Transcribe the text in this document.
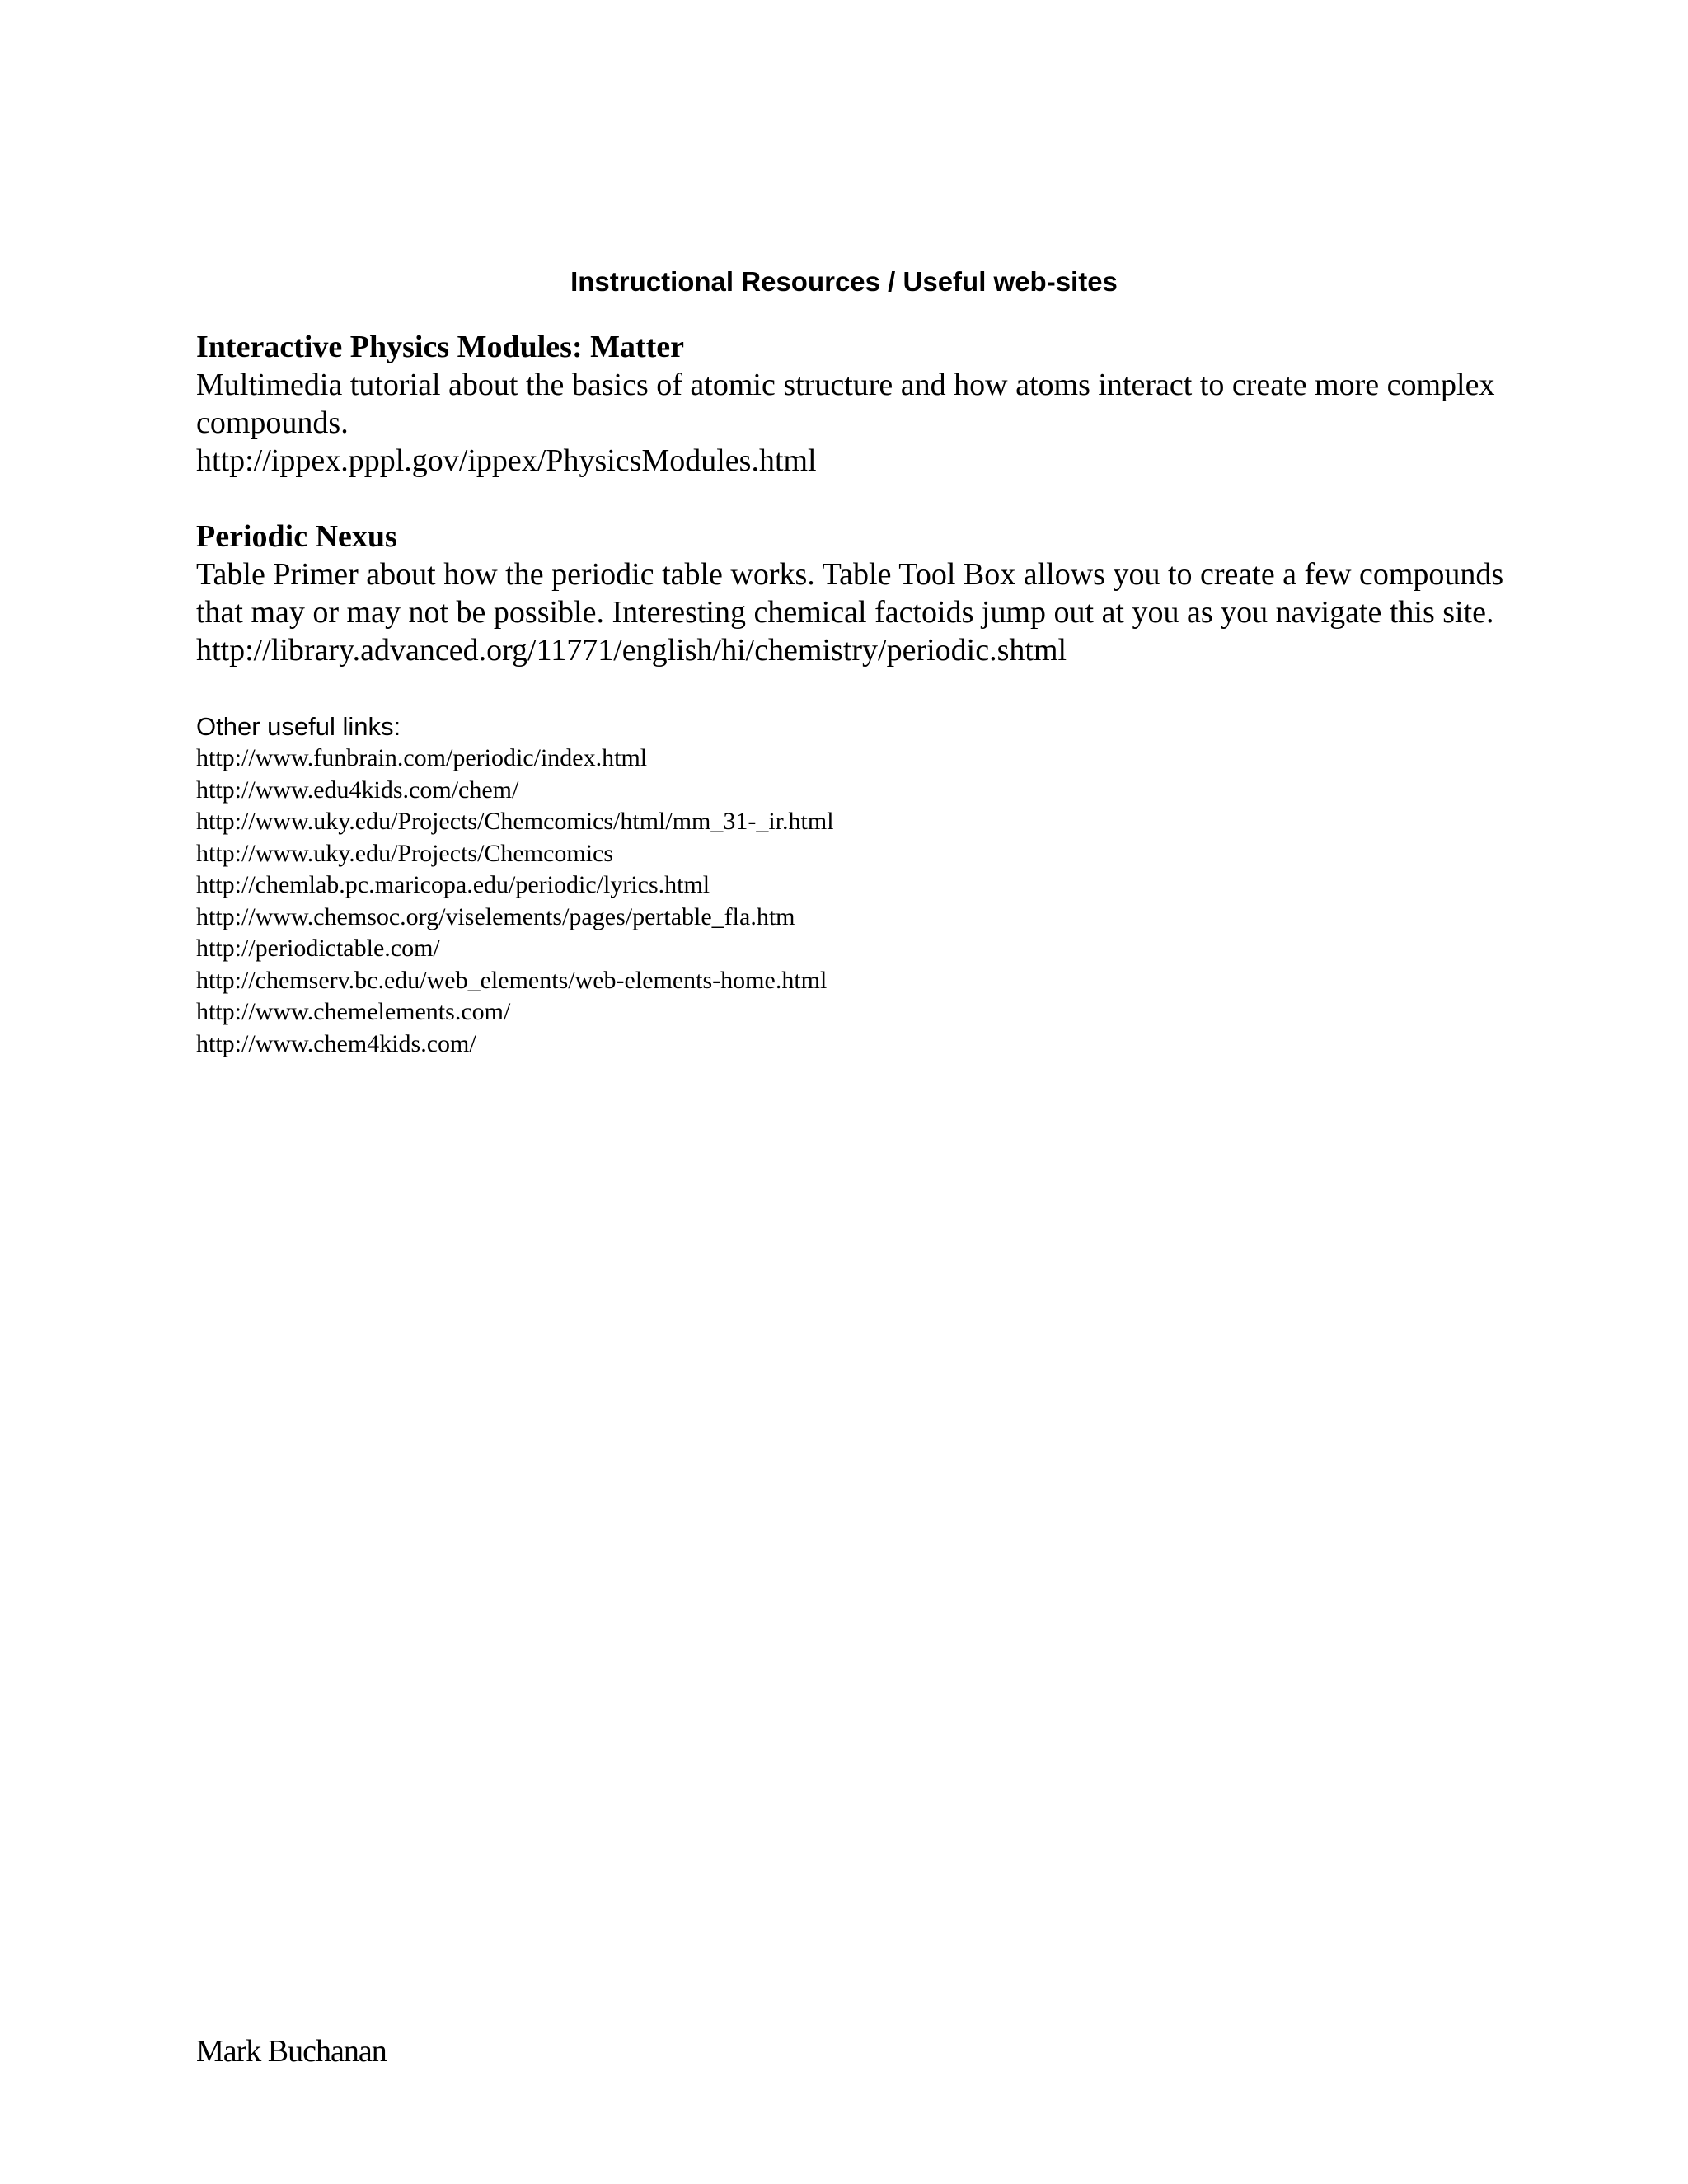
Instructional Resources / Useful web-sites

Interactive Physics Modules: Matter

Multimedia tutorial about the basics of atomic structure and how atoms interact to create more complex compounds.

http://ippex.pppl.gov/ippex/PhysicsModules.html

Periodic Nexus

Table Primer about how the periodic table works. Table Tool Box allows you to create a few compounds that may or may not be possible. Interesting chemical factoids jump out at you as you navigate this site.

http://library.advanced.org/11771/english/hi/chemistry/periodic.shtml

Other useful links:

http://www.funbrain.com/periodic/index.html
http://www.edu4kids.com/chem/
http://www.uky.edu/Projects/Chemcomics/html/mm_31-_ir.html
http://www.uky.edu/Projects/Chemcomics
http://chemlab.pc.maricopa.edu/periodic/lyrics.html
http://www.chemsoc.org/viselements/pages/pertable_fla.htm
http://periodictable.com/
http://chemserv.bc.edu/web_elements/web-elements-home.html
http://www.chemelements.com/
http://www.chem4kids.com/

Mark Buchanan
